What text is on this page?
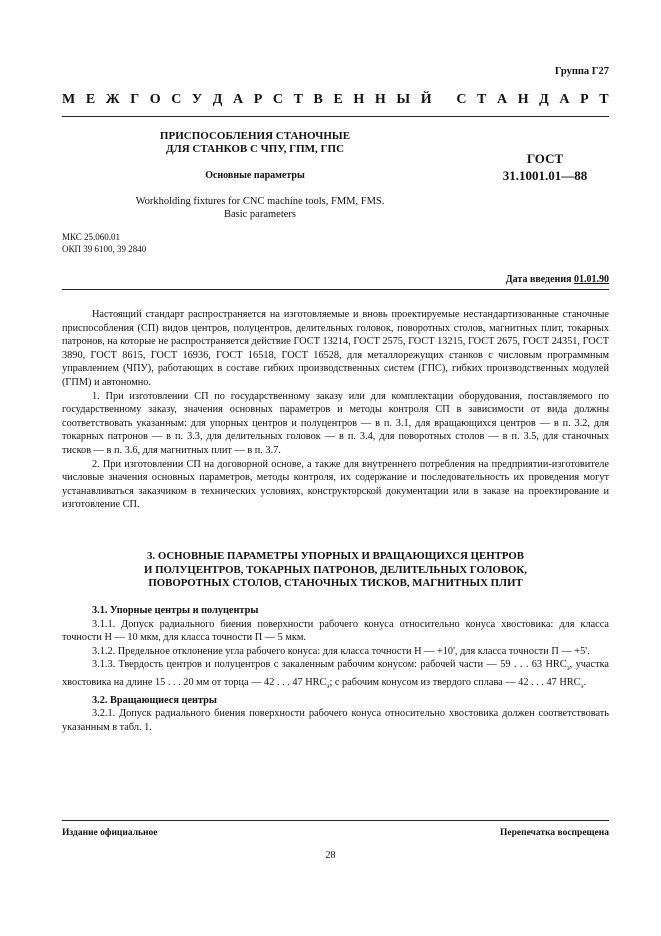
Группа Г27
М Е Ж Г О С У Д А Р С Т В Е Н Н Ы Й
С Т А Н Д А Р Т
ПРИСПОСОБЛЕНИЯ СТАНОЧНЫЕ
ДЛЯ СТАНКОВ С ЧПУ, ГПМ, ГПС
Основные параметры
ГОСТ
31.1001.01—88
Workholding fixtures for CNC machine tools, FMM, FMS.
Basic parameters
МКС 25.060.01
ОКП 39 6100, 39 2840
Дата введения 01.01.90

Настоящий стандарт распространяется на изготовляемые и вновь проектируемые нестандартизованные станочные приспособления (СП) видов центров, полуцентров, делительных головок, поворотных столов, магнитных плит, токарных патронов, на которые не распространяется действие ГОСТ 13214, ГОСТ 2575, ГОСТ 13215, ГОСТ 2675, ГОСТ 24351, ГОСТ 3890, ГОСТ 8615, ГОСТ 16936, ГОСТ 16518, ГОСТ 16528, для металлорежущих станков с числовым программным управлением (ЧПУ), работающих в составе гибких производственных систем (ГПС), гибких производственных модулей (ГПМ) и автономно.

1. При изготовлении СП по государственному заказу или для комплектации оборудования, поставляемого по государственному заказу, значения основных параметров и методы контроля СП в зависимости от вида должны соответствовать указанным: для упорных центров и полуцентров — в п. 3.1, для вращающихся центров — в п. 3.2, для токарных патронов — в п. 3.3, для делительных головок — в п. 3.4, для поворотных столов — в п. 3.5, для станочных тисков — в п. 3.6, для магнитных плит — в п. 3.7.

2. При изготовлении СП на договорной основе, а также для внутреннего потребления на предприятии-изготовителе числовые значения основных параметров, методы контроля, их содержание и последовательность их проведения могут устанавливаться заказчиком в технических условиях, конструкторской документации или в заказе на проектирование и изготовление СП.

3. ОСНОВНЫЕ ПАРАМЕТРЫ УПОРНЫХ И ВРАЩАЮЩИХСЯ ЦЕНТРОВ

И ПОЛУЦЕНТРОВ, ТОКАРНЫХ ПАТРОНОВ, ДЕЛИТЕЛЬНЫХ ГОЛОВОК,

ПОВОРОТНЫХ СТОЛОВ, СТАНОЧНЫХ ТИСКОВ, МАГНИТНЫХ ПЛИТ

3.1. Упорные центры и полуцентры

3.1.1. Допуск радиального биения поверхности рабочего конуса относительно конуса хвостовика: для класса точности Н — 10 мкм, для класса точности П — 5 мкм.

3.1.2. Предельное отклонение угла рабочего конуса: для класса точности Н — +10', для класса точности П — +5'.

3.1.3. Твердость центров и полуцентров с закаленным рабочим конусом: рабочей части — 59 . . . 63 $HRC_э$, участка хвостовика на длине 15 . . . 20 мм от торца — 42 . . . 47 $HRC_э$; с рабочим конусом из твердого сплава — 42 . . . 47 $HRC_э$.

3.2. Вращающиеся центры

3.2.1. Допуск радиального биения поверхности рабочего конуса относительно хвостовика должен соответствовать указанным в табл. 1.

Издание официальное	Перепечатка воспрещена
28
